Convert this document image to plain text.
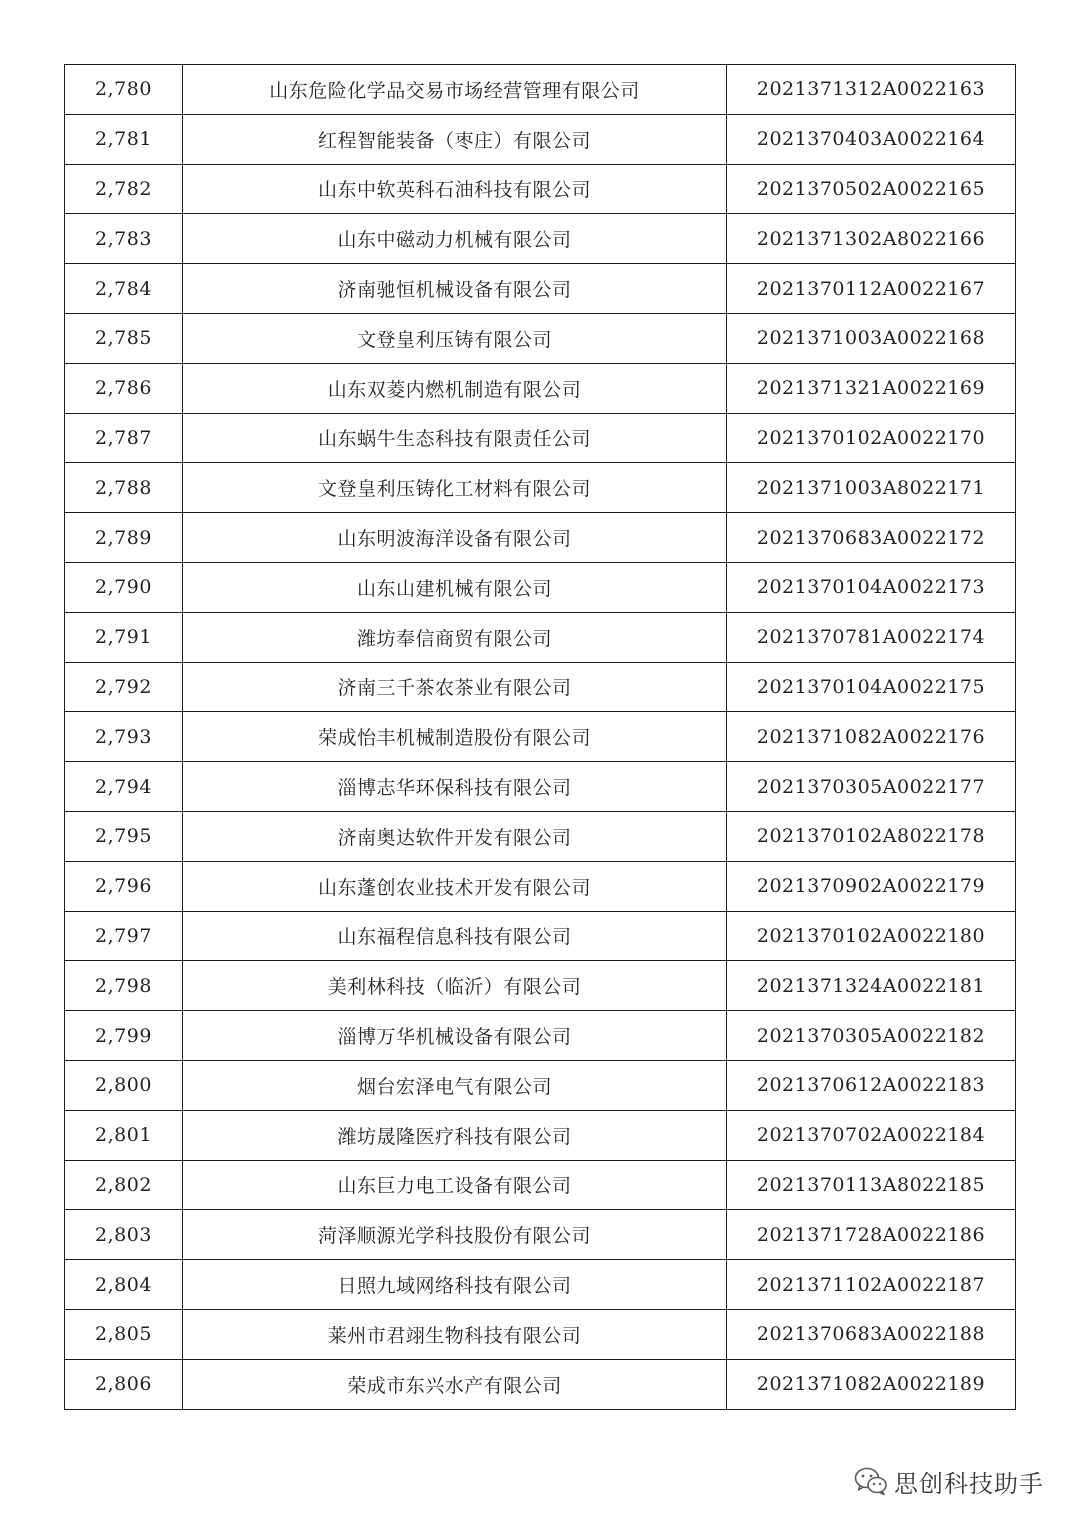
2,780	山东危险化学品交易市场经营管理有限公司	2021371312A0022163
2,781	红程智能装备（枣庄）有限公司	2021370403A0022164
2,782	山东中软英科石油科技有限公司	2021370502A0022165
2,783	山东中磁动力机械有限公司	2021371302A8022166
2,784	济南驰恒机械设备有限公司	2021370112A0022167
2,785	文登皇利压铸有限公司	2021371003A0022168
2,786	山东双菱内燃机制造有限公司	2021371321A0022169
2,787	山东蜗牛生态科技有限责任公司	2021370102A0022170
2,788	文登皇利压铸化工材料有限公司	2021371003A8022171
2,789	山东明波海洋设备有限公司	2021370683A0022172
2,790	山东山建机械有限公司	2021370104A0022173
2,791	潍坊奉信商贸有限公司	2021370781A0022174
2,792	济南三千茶农茶业有限公司	2021370104A0022175
2,793	荣成怡丰机械制造股份有限公司	2021371082A0022176
2,794	淄博志华环保科技有限公司	2021370305A0022177
2,795	济南奥达软件开发有限公司	2021370102A8022178
2,796	山东蓬创农业技术开发有限公司	2021370902A0022179
2,797	山东福程信息科技有限公司	2021370102A0022180
2,798	美利林科技（临沂）有限公司	2021371324A0022181
2,799	淄博万华机械设备有限公司	2021370305A0022182
2,800	烟台宏泽电气有限公司	2021370612A0022183
2,801	潍坊晟隆医疗科技有限公司	2021370702A0022184
2,802	山东巨力电工设备有限公司	2021370113A8022185
2,803	菏泽顺源光学科技股份有限公司	2021371728A0022186
2,804	日照九域网络科技有限公司	2021371102A0022187
2,805	莱州市君翊生物科技有限公司	2021370683A0022188
2,806	荣成市东兴水产有限公司	2021371082A0022189
思创科技助手
